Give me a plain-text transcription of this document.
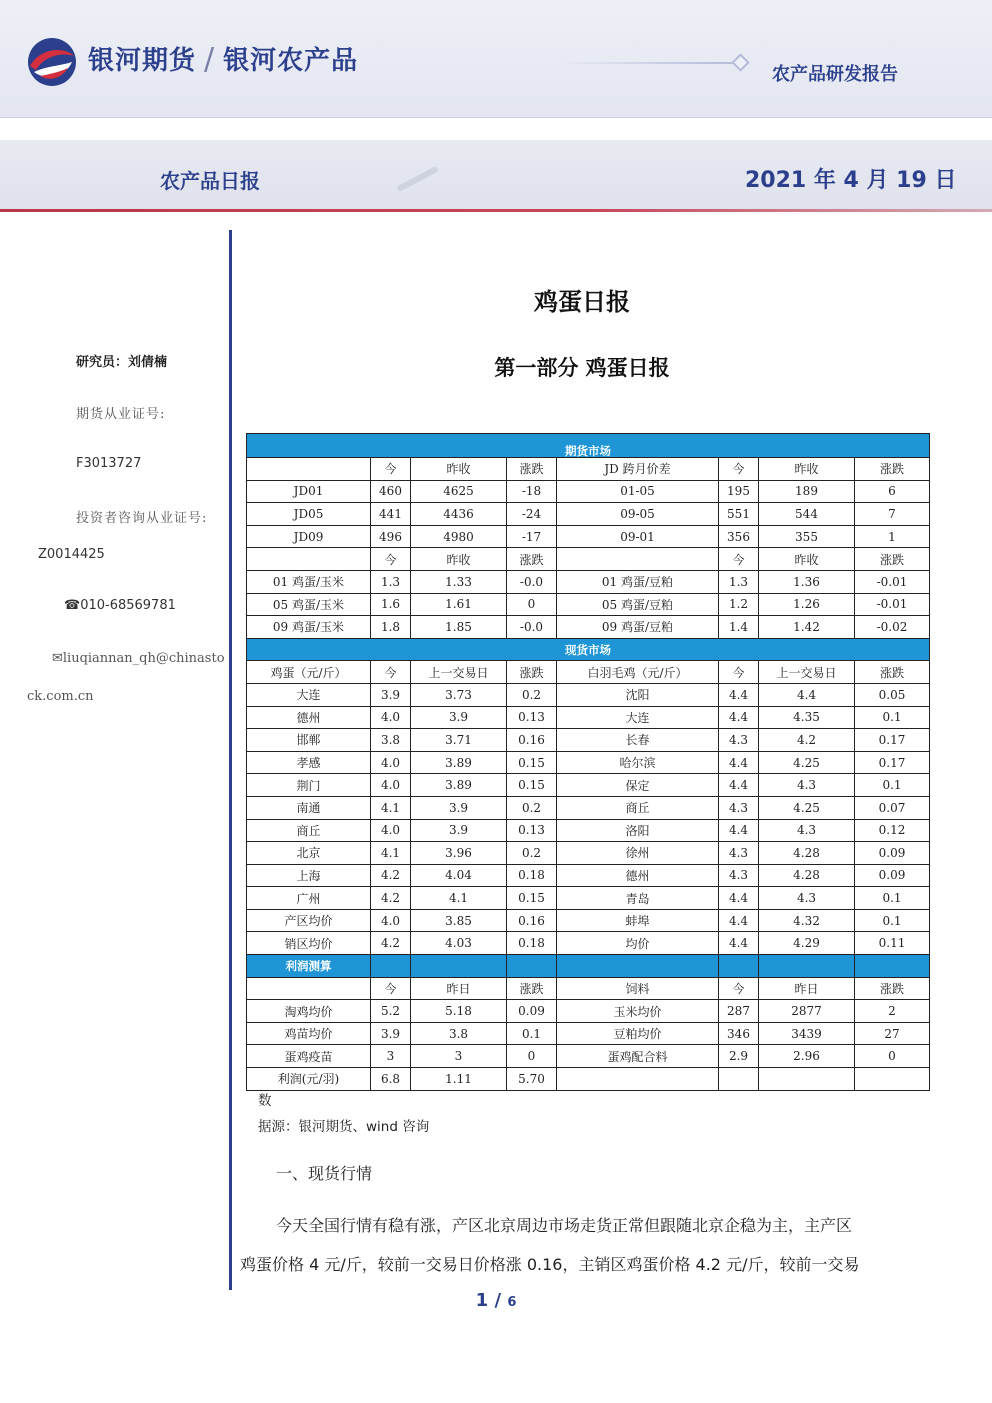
银河期货 / 银河农产品	农产品研发报告
农产品日报	2021 年 4 月 19 日
研究员：刘倩楠
期货从业证号:
F3013727
投资者咨询从业证号:
Z0014425
☎010-68569781
✉liuqiannan_qh@chinasto
ck.com.cn
鸡蛋日报
第一部分 鸡蛋日报
期货市场							
	今	昨收	涨跌	JD 跨月价差	今	昨收	涨跌
JD01	460	4625	-18	01-05	195	189	6
JD05	441	4436	-24	09-05	551	544	7
JD09	496	4980	-17	09-01	356	355	1
	今	昨收	涨跌		今	昨收	涨跌
01 鸡蛋/玉米	1.3	1.33	-0.0	01 鸡蛋/豆粕	1.3	1.36	-0.01
05 鸡蛋/玉米	1.6	1.61	0	05 鸡蛋/豆粕	1.2	1.26	-0.01
09 鸡蛋/玉米	1.8	1.85	-0.0	09 鸡蛋/豆粕	1.4	1.42	-0.02
现货市场							
鸡蛋（元/斤）	今	上一交易日	涨跌	白羽毛鸡（元/斤）	今	上一交易日	涨跌
大连	3.9	3.73	0.2	沈阳	4.4	4.4	0.05
德州	4.0	3.9	0.13	大连	4.4	4.35	0.1
邯郸	3.8	3.71	0.16	长春	4.3	4.2	0.17
孝感	4.0	3.89	0.15	哈尔滨	4.4	4.25	0.17
荆门	4.0	3.89	0.15	保定	4.4	4.3	0.1
南通	4.1	3.9	0.2	商丘	4.3	4.25	0.07
商丘	4.0	3.9	0.13	洛阳	4.4	4.3	0.12
北京	4.1	3.96	0.2	徐州	4.3	4.28	0.09
上海	4.2	4.04	0.18	德州	4.3	4.28	0.09
广州	4.2	4.1	0.15	青岛	4.4	4.3	0.1
产区均价	4.0	3.85	0.16	蚌埠	4.4	4.32	0.1
销区均价	4.2	4.03	0.18	均价	4.4	4.29	0.11
利润测算							
	今	昨日	涨跌	饲料	今	昨日	涨跌
淘鸡均价	5.2	5.18	0.09	玉米均价	287	2877	2
鸡苗均价	3.9	3.8	0.1	豆粕均价	346	3439	27
蛋鸡疫苗	3	3	0	蛋鸡配合料	2.9	2.96	0
利润(元/羽)	6.8	1.11	5.70				
数
据源：银河期货、wind 咨询
一、现货行情
今天全国行情有稳有涨，产区北京周边市场走货正常但跟随北京企稳为主，主产区
鸡蛋价格 4 元/斤，较前一交易日价格涨 0.16，主销区鸡蛋价格 4.2 元/斤，较前一交易
1 / 6
